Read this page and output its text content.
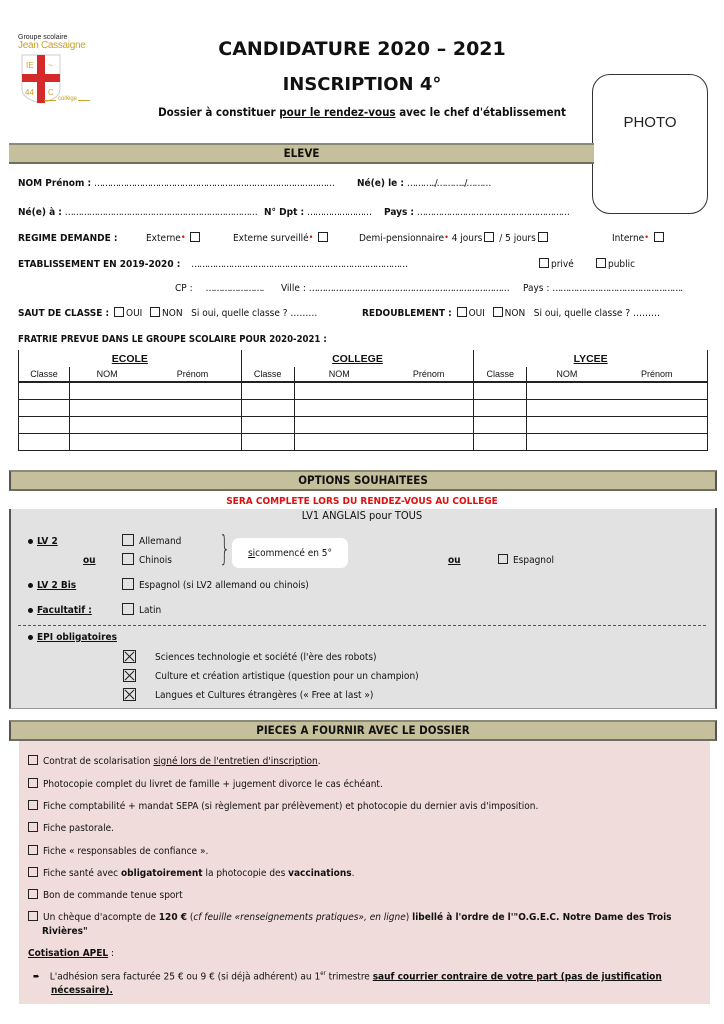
Groupe scolaire
Jean Cassaigne
IE ~
44 C
collège
CANDIDATURE 2020 – 2021
INSCRIPTION 4°
Dossier à constituer pour le rendez-vous avec le chef d'établissement
PHOTO
ELEVE
NOM Prénom : ……………………………………………………………………………… Né(e) le : ………../………../………
Né(e) à : ……………………………………………………………… N° Dpt : …………………… Pays : …………………………………………………
REGIME DEMANDE :	Externe•	Externe surveillé•	Demi-pensionnaire• 4 jours / 5 jours	Interne•
ETABLISSEMENT EN 2019-2020 : ………………………………………………………………………	privé	public
CP : …………………. Ville : ………………………………………………………………… Pays : ………………………………………….
SAUT DE CLASSE : OUI NON Si oui, quelle classe ? ………	REDOUBLEMENT : OUI NON Si oui, quelle classe ? ………
FRATRIE PREVUE DANS LE GROUPE SCOLAIRE POUR 2020-2021 :
ECOLE			COLLEGE			LYCEE		
Classe	NOM	Prénom	Classe	NOM	Prénom	Classe	NOM	Prénom

OPTIONS SOUHAITEES
SERA COMPLETE LORS DU RENDEZ-VOUS AU COLLEGE
LV1 ANGLAIS pour TOUS
LV 2
ou
Allemand
Chinois } si commencé en 5°
ou	Espagnol
LV 2 Bis	Espagnol (si LV2 allemand ou chinois)
Facultatif :	Latin
EPI obligatoires
Sciences technologie et société (l'ère des robots)
Culture et création artistique (question pour un champion)
Langues et Cultures étrangères (« Free at last »)
PIECES A FOURNIR AVEC LE DOSSIER
Contrat de scolarisation signé lors de l'entretien d'inscription.
Photocopie complet du livret de famille + jugement divorce le cas échéant.
Fiche comptabilité + mandat SEPA (si règlement par prélèvement) et photocopie du dernier avis d'imposition.
Fiche pastorale.
Fiche « responsables de confiance ».
Fiche santé avec obligatoirement la photocopie des vaccinations.
Bon de commande tenue sport
Un chèque d'acompte de 120 € (cf feuille «renseignements pratiques», en ligne) libellé à l'ordre de l'"O.G.E.C. Notre Dame des Trois
Rivières"
Cotisation APEL :
➨ L'adhésion sera facturée 25 € ou 9 € (si déjà adhérent) au 1er trimestre sauf courrier contraire de votre part (pas de justification
nécessaire).
